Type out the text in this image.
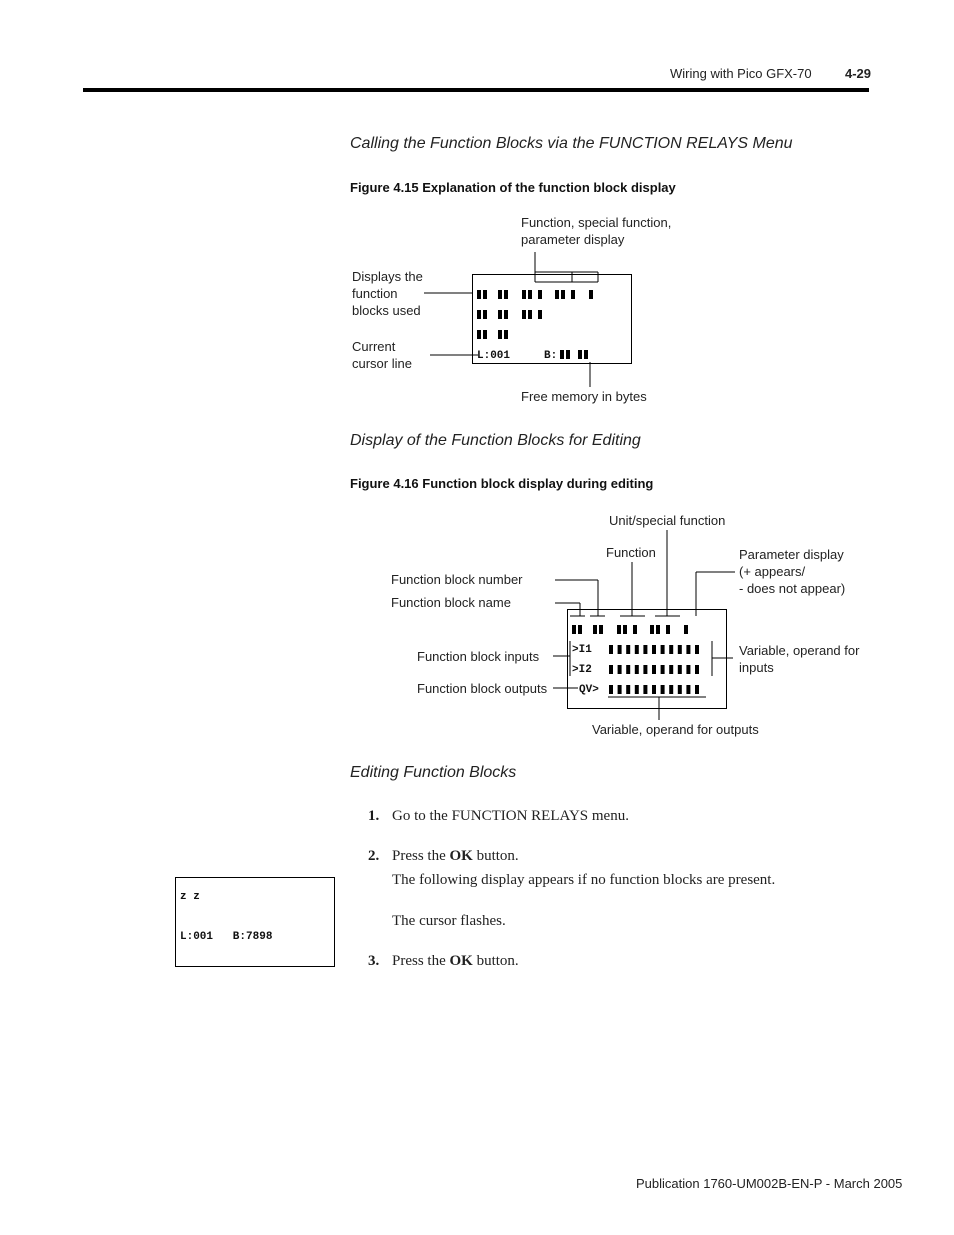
Wiring with Pico GFX-70	4-29
Calling the Function Blocks via the FUNCTION RELAYS Menu
Figure 4.15 Explanation of the function block display
Function, special function,
parameter display
Displays the
function
blocks used
Current
cursor line
Free memory in bytes
L:001	B:
Display of the Function Blocks for Editing
Figure 4.16 Function block display during editing
Unit/special function
Function	Parameter display
(+ appears/
- does not appear)
Function block number
Function block name
Function block inputs
Function block outputs
Variable, operand for
inputs
Variable, operand for outputs
>I1
>I2
QV>
Editing Function Blocks
1. Go to the FUNCTION RELAYS menu.
2. Press the OK button.
The following display appears if no function blocks are present.
The cursor flashes.
3. Press the OK button.
z z
L:001   B:7898
Publication 1760-UM002B-EN-P - March 2005
